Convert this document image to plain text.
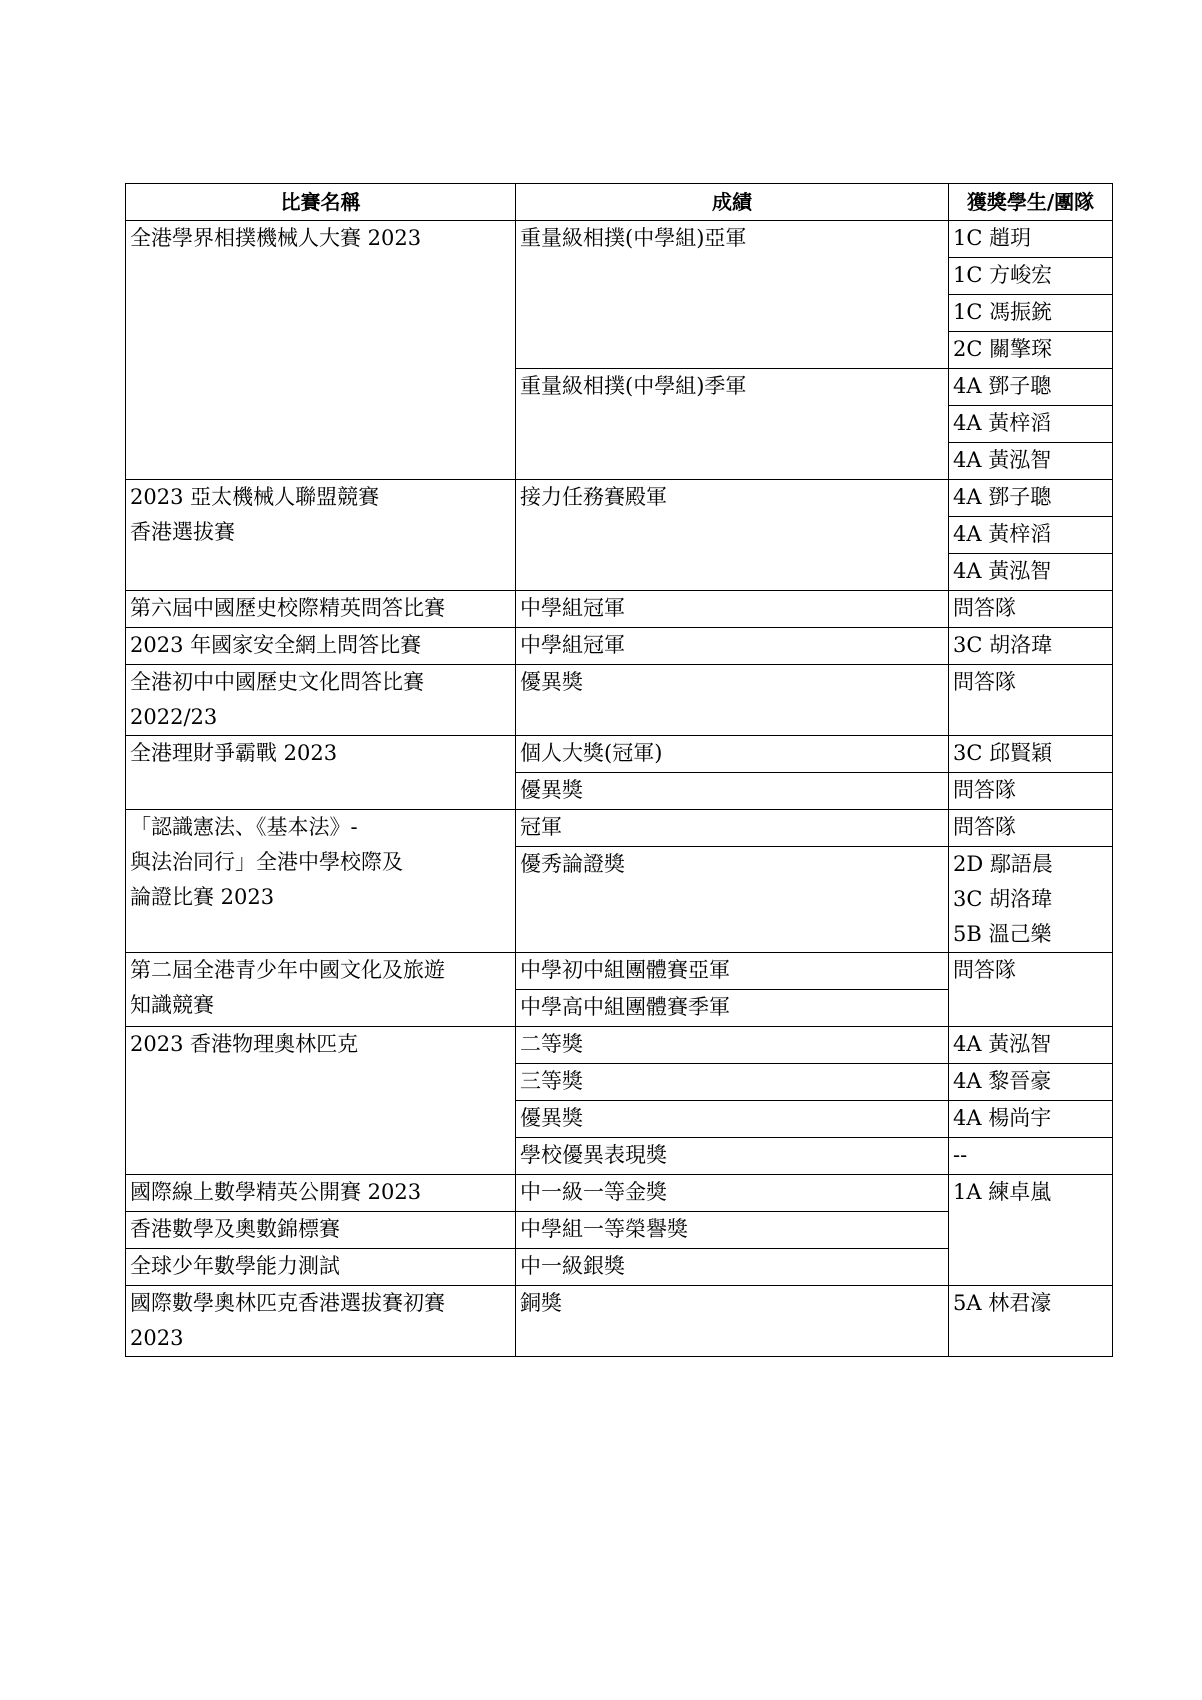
比賽名稱	成績	獲獎學生/團隊
全港學界相撲機械人大賽 2023	重量級相撲(中學組)亞軍	1C 趙玥
		1C 方峻宏
		1C 馮振銃
		2C 關擎琛
	重量級相撲(中學組)季軍	4A 鄧子聰
		4A 黃梓滔
		4A 黃泓智

2023 亞太機械人聯盟競賽
香港選拔賽	接力任務賽殿軍	4A 鄧子聰
		4A 黃梓滔
		4A 黃泓智
第六屆中國歷史校際精英問答比賽	中學組冠軍	問答隊
2023 年國家安全網上問答比賽	中學組冠軍	3C 胡洛瑋

全港初中中國歷史文化問答比賽
2022/23	優異獎	問答隊
全港理財爭霸戰 2023	個人大獎(冠軍)	3C 邱賢穎
	優異獎	問答隊

「認識憲法、《基本法》-
與法治同行」全港中學校際及
論證比賽 2023	冠軍	問答隊
	優秀論證獎	2D 鄢語晨
3C 胡洛瑋
5B 溫己樂

第二屆全港青少年中國文化及旅遊
知識競賽	中學初中組團體賽亞軍	問答隊
	中學高中組團體賽季軍	
2023 香港物理奧林匹克	二等獎	4A 黃泓智
	三等獎	4A 黎晉豪
	優異獎	4A 楊尚宇
	學校優異表現獎	--
國際線上數學精英公開賽 2023	中一級一等金獎	1A 練卓嵐
香港數學及奧數錦標賽	中學組一等榮譽獎	
全球少年數學能力測試	中一級銀獎	

國際數學奧林匹克香港選拔賽初賽
2023	銅獎	5A 林君濠
